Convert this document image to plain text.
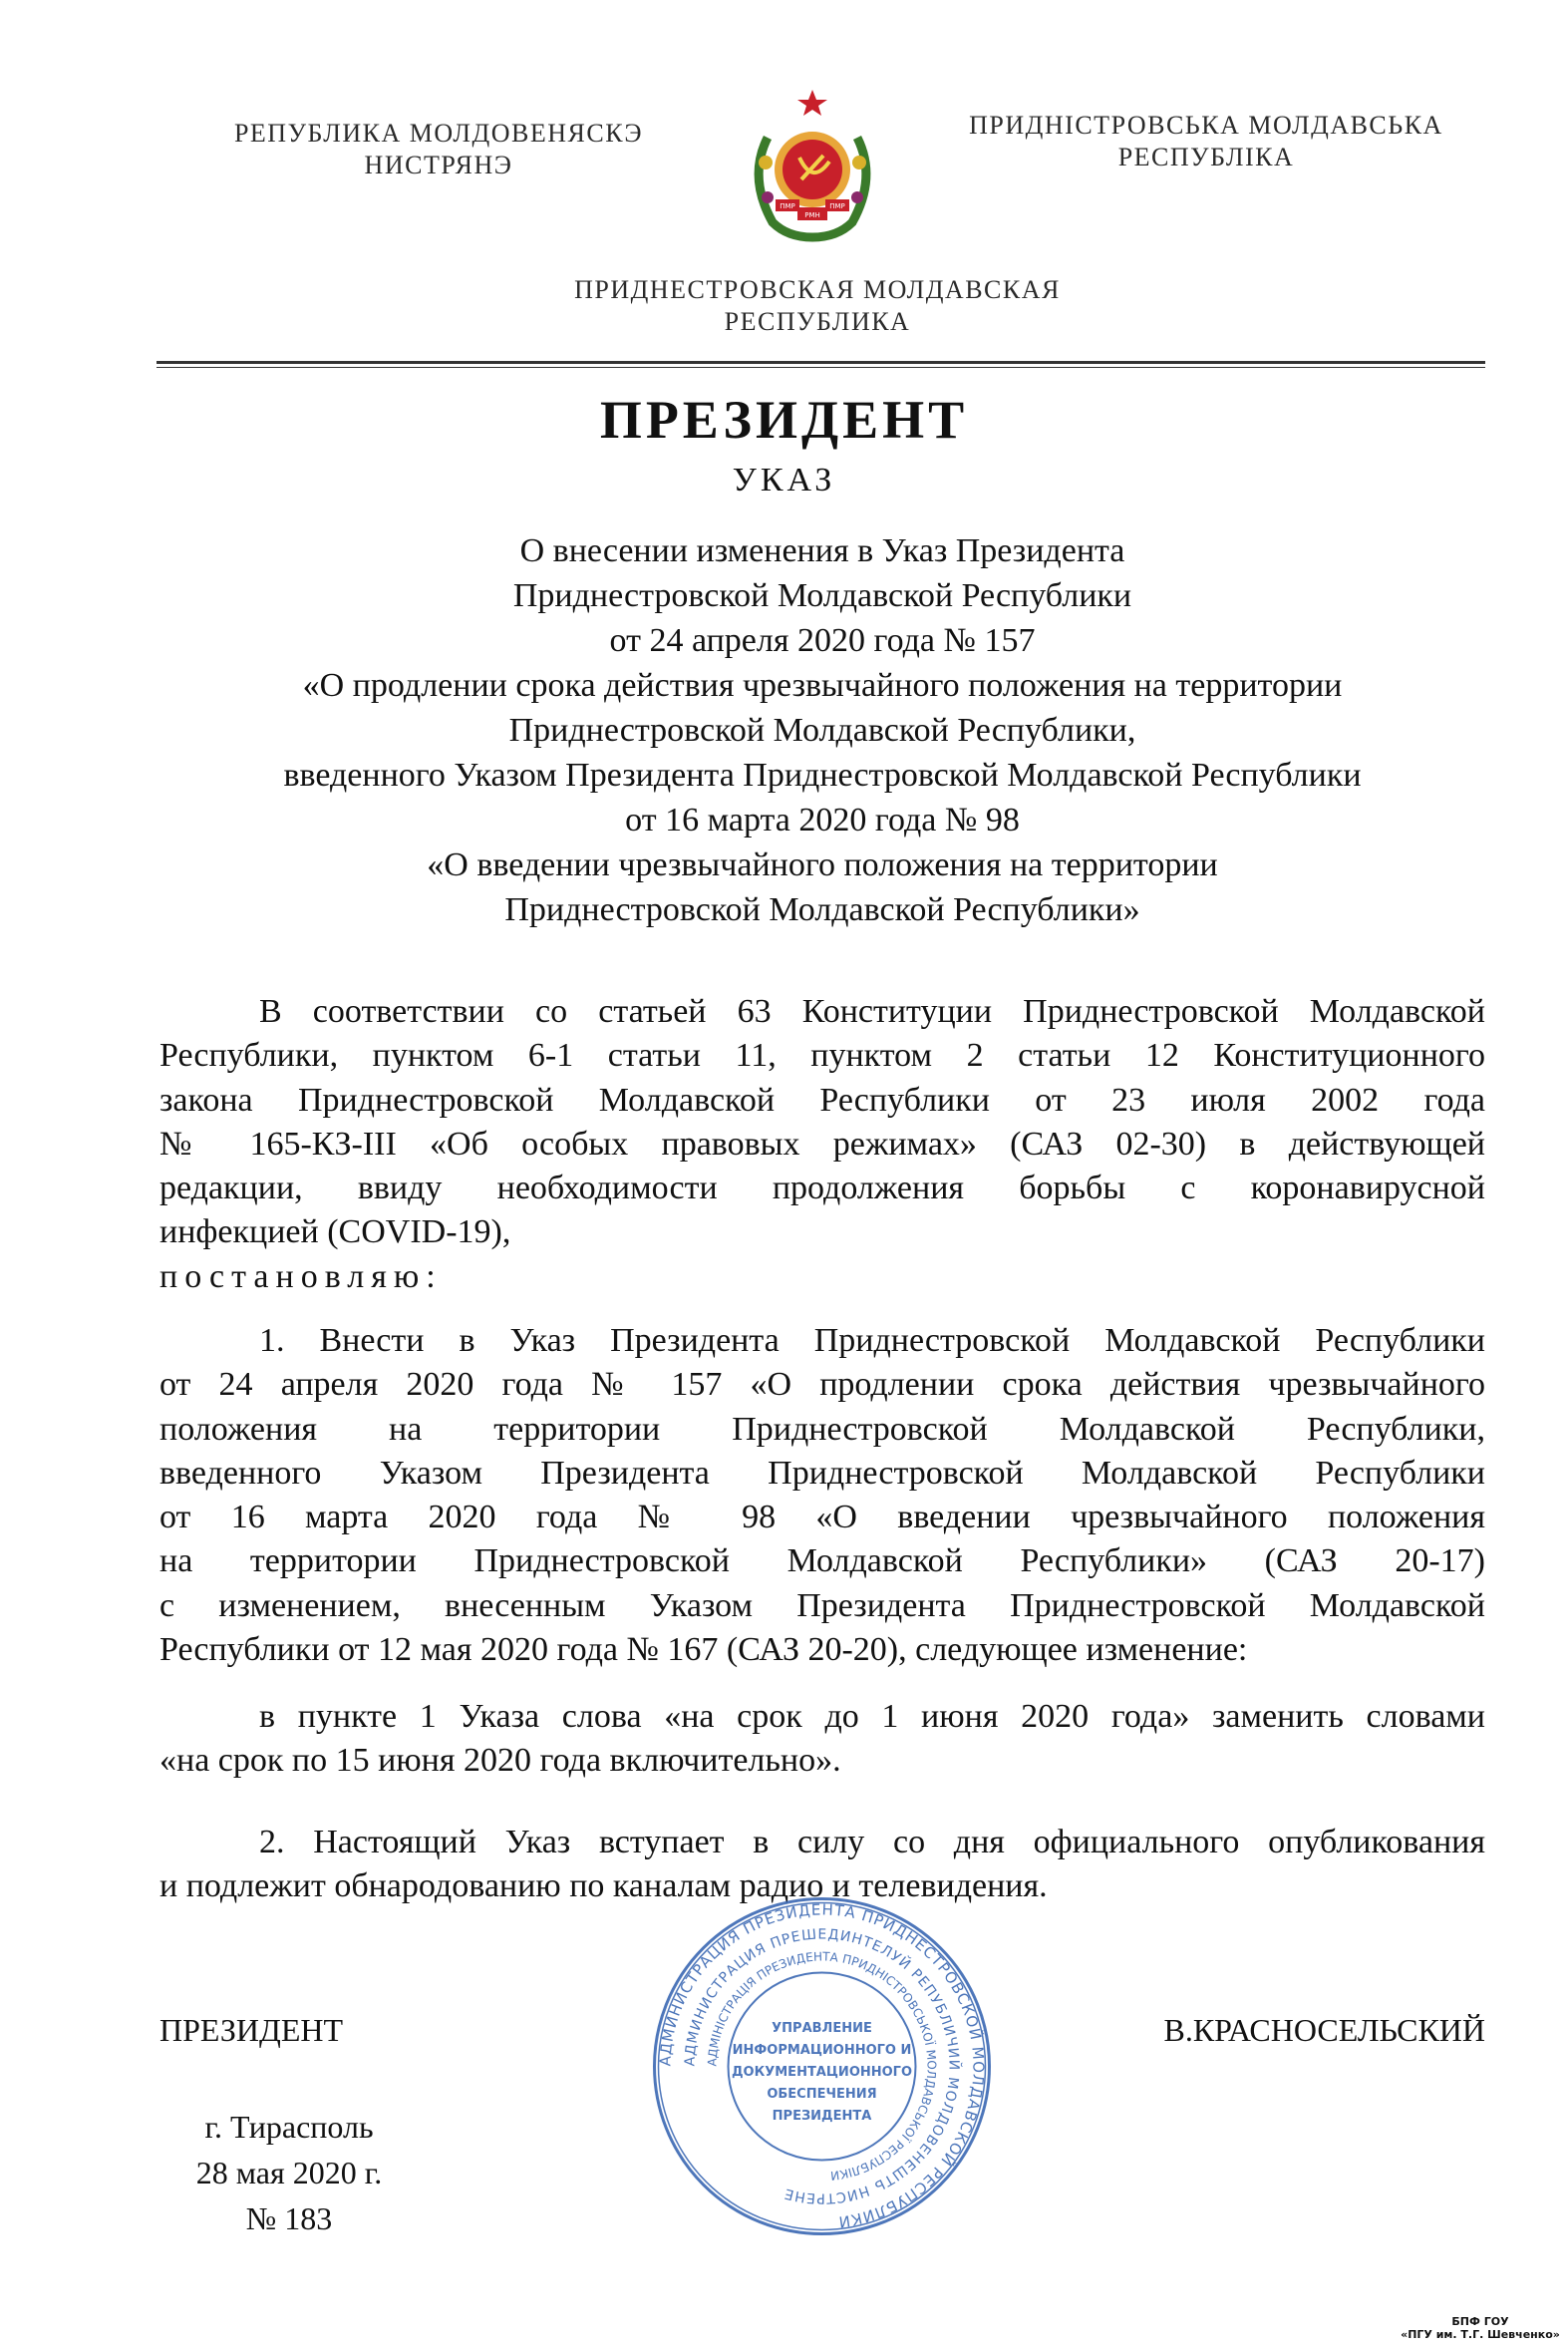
РЕПУБЛИКА МОЛДОВЕНЯСКЭ
НИСТРЯНЭ
ПМР
РМН
ПМР
ПРИДНІСТРОВСЬКА МОЛДАВСЬКА
РЕСПУБЛІКА
ПРИДНЕСТРОВСКАЯ МОЛДАВСКАЯ
РЕСПУБЛИКА
ПРЕЗИДЕНТ
УКАЗ
О внесении изменения в Указ Президента
Приднестровской Молдавской Республики
от 24 апреля 2020 года № 157
«О продлении срока действия чрезвычайного положения на территории
Приднестровской Молдавской Республики,
введенного Указом Президента Приднестровской Молдавской Республики
от 16 марта 2020 года № 98
«О введении чрезвычайного положения на территории
Приднестровской Молдавской Республики»
В соответствии со статьей 63 Конституции Приднестровской Молдавской
Республики, пунктом 6-1 статьи 11, пунктом 2 статьи 12 Конституционного
закона Приднестровской Молдавской Республики от 23 июля 2002 года
№ 165-КЗ-III «Об особых правовых режимах» (САЗ 02-30) в действующей
редакции, ввиду необходимости продолжения борьбы с коронавирусной
инфекцией (COVID-19),
постановляю:
1. Внести в Указ Президента Приднестровской Молдавской Республики
от 24 апреля 2020 года № 157 «О продлении срока действия чрезвычайного
положения на территории Приднестровской Молдавской Республики,
введенного Указом Президента Приднестровской Молдавской Республики
от 16 марта 2020 года № 98 «О введении чрезвычайного положения
на территории Приднестровской Молдавской Республики» (САЗ 20-17)
с изменением, внесенным Указом Президента Приднестровской Молдавской
Республики от 12 мая 2020 года № 167 (САЗ 20-20), следующее изменение:
в пункте 1 Указа слова «на срок до 1 июня 2020 года» заменить словами
«на срок по 15 июня 2020 года включительно».
2. Настоящий Указ вступает в силу со дня официального опубликования
и подлежит обнародованию по каналам радио и телевидения.
АДМИНИСТРАЦИЯ ПРЕЗИДЕНТА ПРИДНЕСТРОВСКОЙ МОЛДАВСКОЙ РЕСПУБЛИКИ
АДМИНИСТРАЦИЯ ПРЕШЕДИНТЕЛУЙ РЕПУБЛИЧИЙ МОЛДОВЕНЕШТЬ НИСТРЕНЕ
АДМІНІСТРАЦІЯ ПРЕЗИДЕНТА ПРИДНІСТРОВСЬКОЇ МОЛДАВСЬКОЇ РЕСПУБЛІКИ
УПРАВЛЕНИЕ
ИНФОРМАЦИОННОГО И
ДОКУМЕНТАЦИОННОГО
ОБЕСПЕЧЕНИЯ
ПРЕЗИДЕНТА
ПРЕЗИДЕНТ	В.КРАСНОСЕЛЬСКИЙ
г. Тирасполь
28 мая 2020 г.
№ 183
БПФ ГОУ
«ПГУ им. Т.Г. Шевченко»
